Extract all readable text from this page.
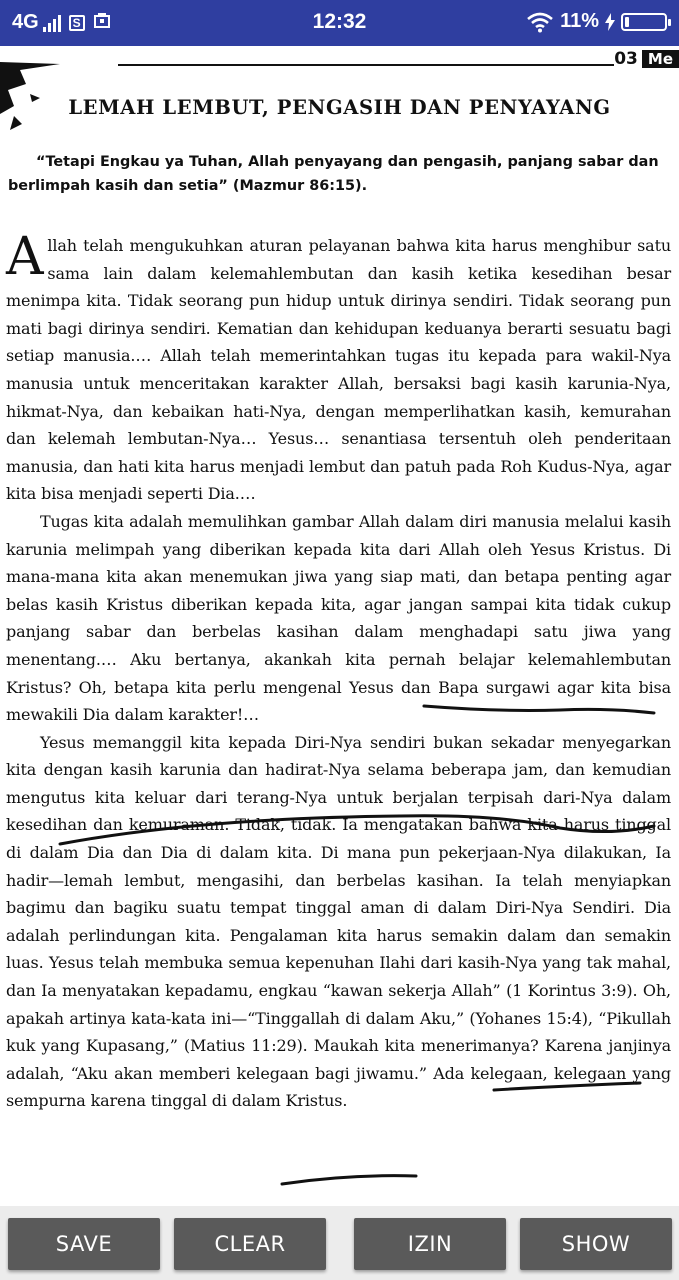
4G	S	12:32	11%
03 Me
LEMAH LEMBUT, PENGASIH DAN PENYAYANG
“Tetapi Engkau ya Tuhan, Allah penyayang dan pengasih, panjang sabar dan berlimpah kasih dan setia” (Mazmur 86:15).

Allah telah mengukuhkan aturan pelayanan bahwa kita harus menghibur satu sama lain dalam kelemahlembutan dan kasih ketika kesedihan besar menimpa kita. Tidak seorang pun hidup untuk dirinya sendiri. Tidak seorang pun mati bagi dirinya sendiri. Kematian dan kehidupan keduanya berarti sesuatu bagi setiap manusia.… Allah telah memerintahkan tugas itu kepada para wakil-Nya manusia untuk menceritakan karakter Allah, bersaksi bagi kasih karunia-Nya, hikmat-Nya, dan kebaikan hati-Nya, dengan memperlihatkan kasih, kemurahan dan kelemah lembutan-Nya… Yesus… senantiasa tersentuh oleh penderitaan manusia, dan hati kita harus menjadi lembut dan patuh pada Roh Kudus-Nya, agar kita bisa menjadi seperti Dia.…

Tugas kita adalah memulihkan gambar Allah dalam diri manusia melalui kasih karunia melimpah yang diberikan kepada kita dari Allah oleh Yesus Kristus. Di mana-mana kita akan menemukan jiwa yang siap mati, dan betapa penting agar belas kasih Kristus diberikan kepada kita, agar jangan sampai kita tidak cukup panjang sabar dan berbelas kasihan dalam menghadapi satu jiwa yang menentang.… Aku bertanya, akankah kita pernah belajar kelemahlembutan Kristus? Oh, betapa kita perlu mengenal Yesus dan Bapa surgawi agar kita bisa mewakili Dia dalam karakter!…

Yesus memanggil kita kepada Diri-Nya sendiri bukan sekadar menyegarkan kita dengan kasih karunia dan hadirat-Nya selama beberapa jam, dan kemudian mengutus kita keluar dari terang-Nya untuk berjalan terpisah dari-Nya dalam kesedihan dan kemuraman. Tidak, tidak. Ia mengatakan bahwa kita harus tinggal di dalam Dia dan Dia di dalam kita. Di mana pun pekerjaan-Nya dilakukan, Ia hadir—lemah lembut, mengasihi, dan berbelas kasihan. Ia telah menyiapkan bagimu dan bagiku suatu tempat tinggal aman di dalam Diri-Nya Sendiri. Dia adalah perlindungan kita. Pengalaman kita harus semakin dalam dan semakin luas. Yesus telah membuka semua kepenuhan Ilahi dari kasih-Nya yang tak mahal, dan Ia menyatakan kepadamu, engkau “kawan sekerja Allah” (1 Korintus 3:9). Oh, apakah artinya kata-kata ini—“Tinggallah di dalam Aku,” (Yohanes 15:4), “Pikullah kuk yang Kupasang,” (Matius 11:29). Maukah kita menerimanya? Karena janjinya adalah, “Aku akan memberi kelegaan bagi jiwamu.” Ada kelegaan, kelegaan yang sempurna karena tinggal di dalam Kristus.

SAVE	CLEAR	IZIN	SHOW
